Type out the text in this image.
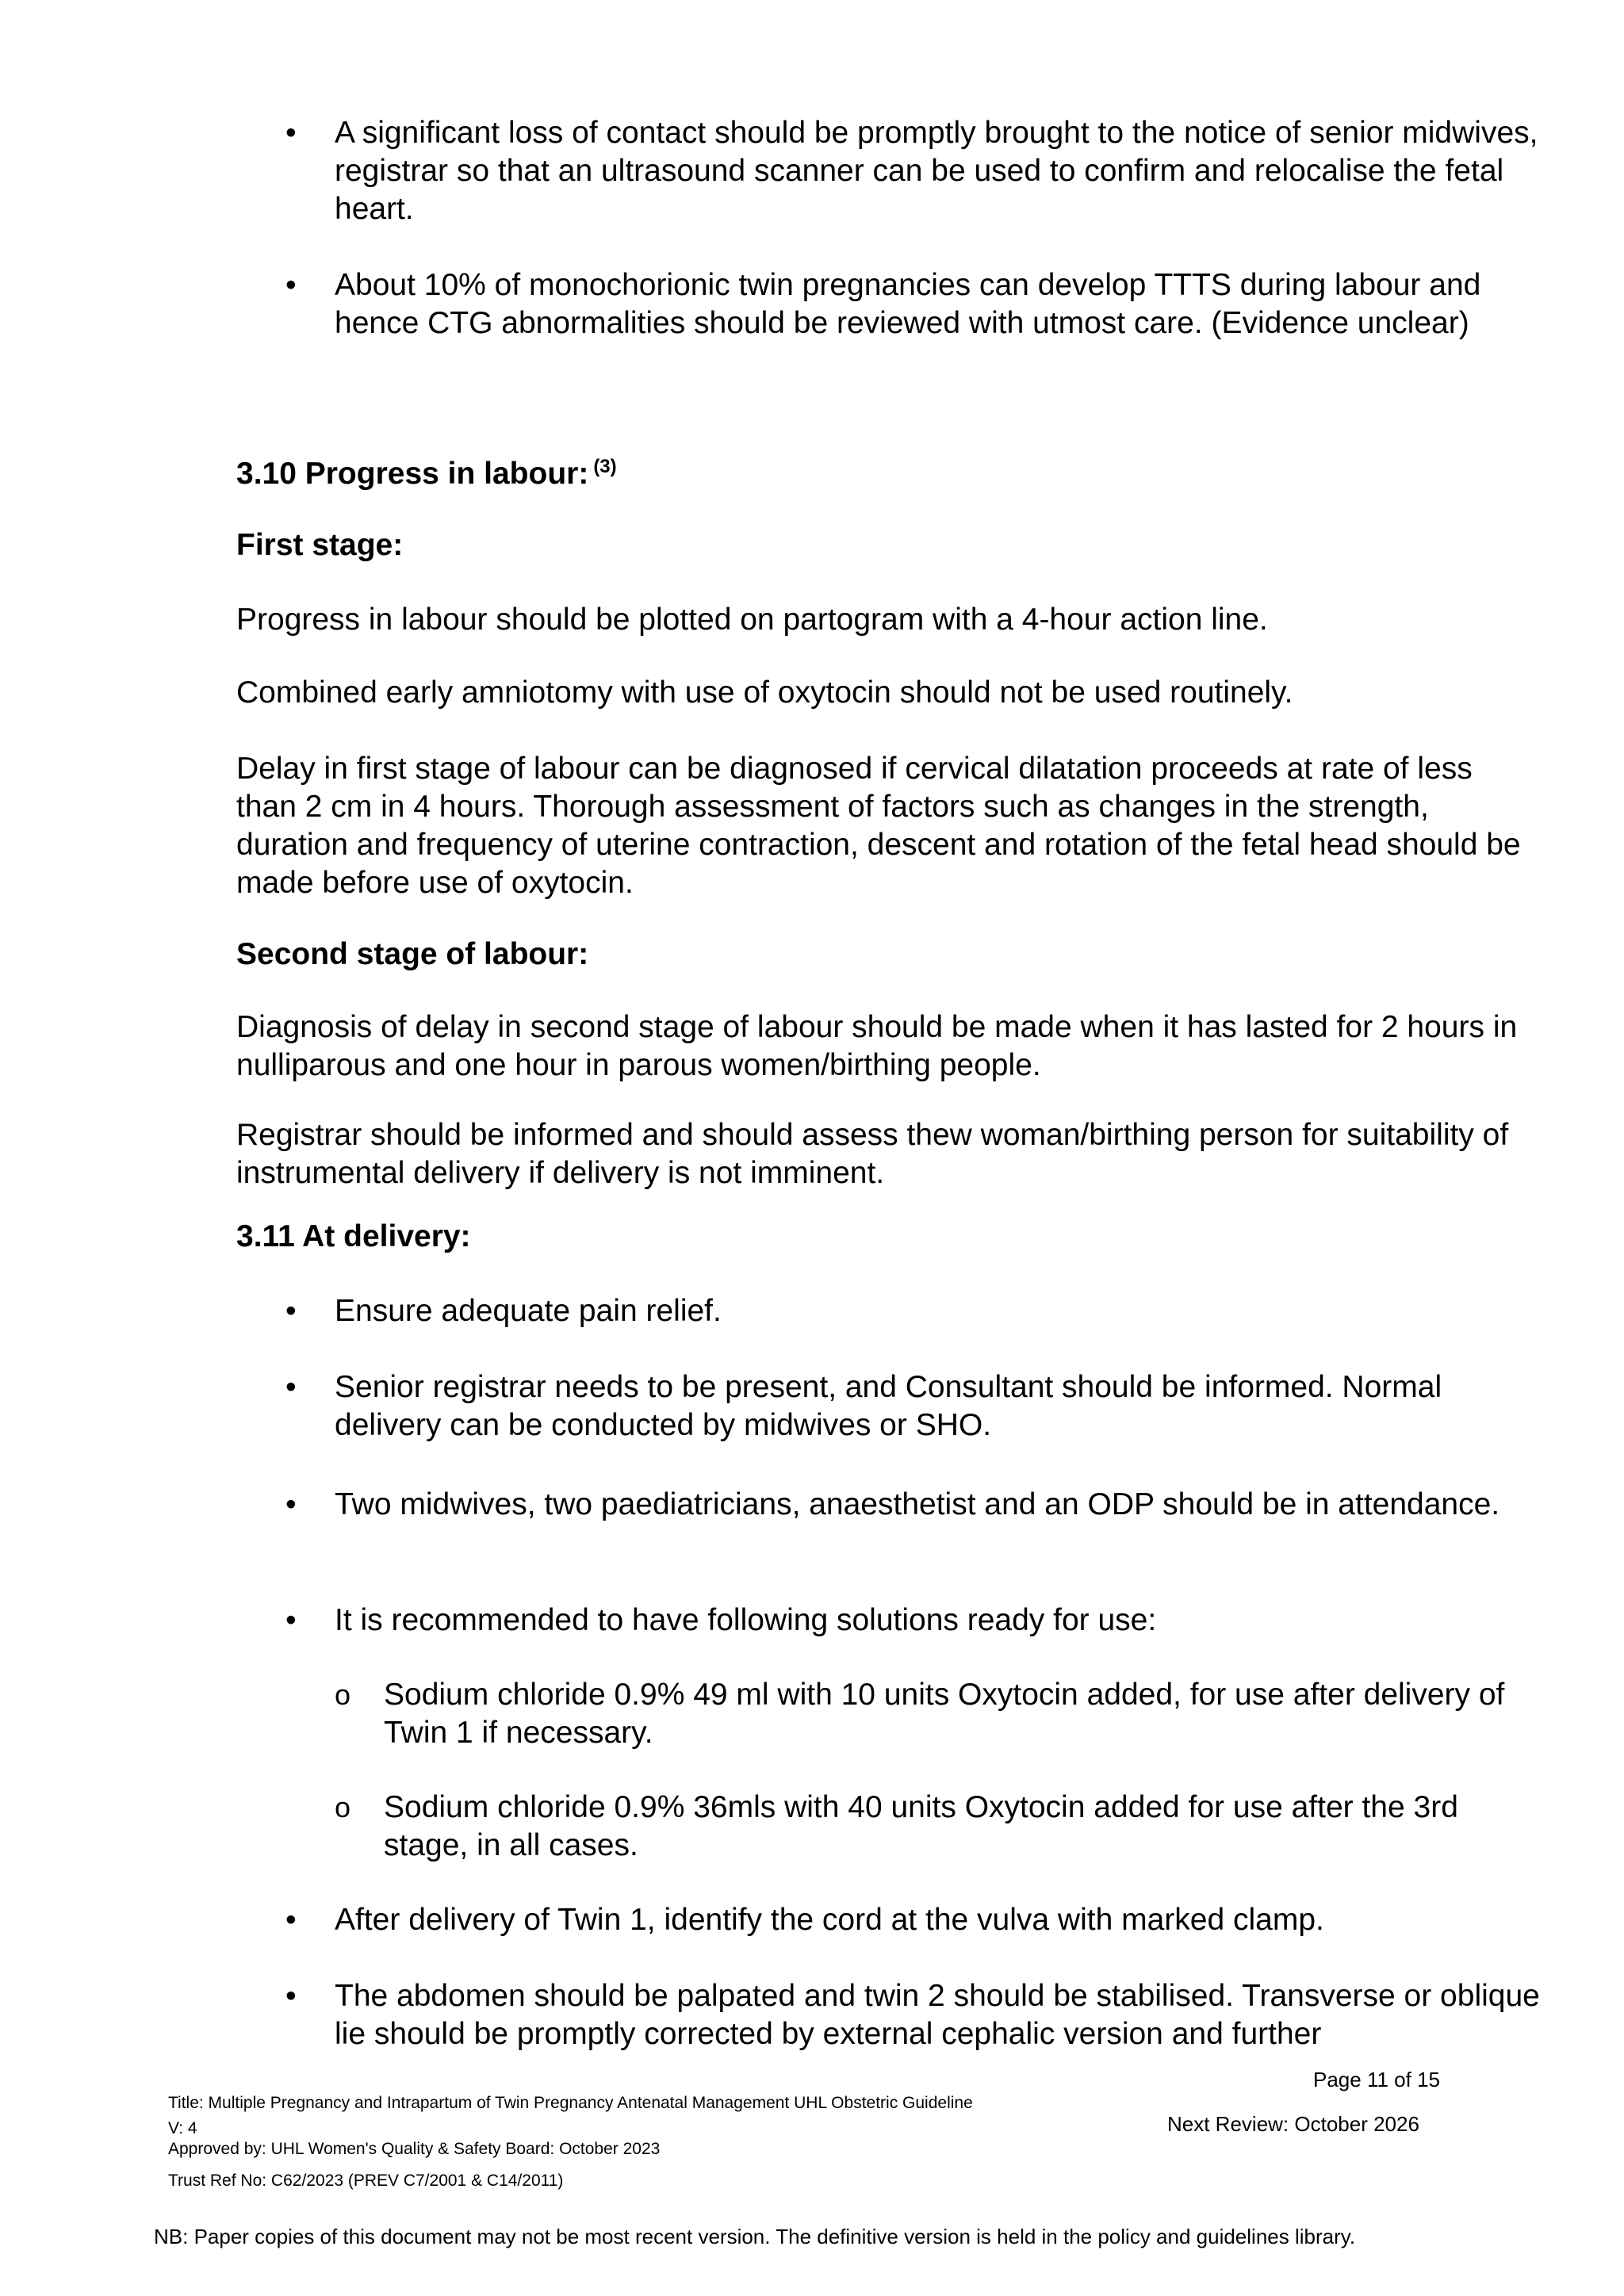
• A significant loss of contact should be promptly brought to the notice of senior midwives, registrar so that an ultrasound scanner can be used to confirm and relocalise the fetal heart.

• About 10% of monochorionic twin pregnancies can develop TTTS during labour and hence CTG abnormalities should be reviewed with utmost care. (Evidence unclear)

3.10 Progress in labour: $^{(3)}$

First stage:

Progress in labour should be plotted on partogram with a 4-hour action line.

Combined early amniotomy with use of oxytocin should not be used routinely.

Delay in first stage of labour can be diagnosed if cervical dilatation proceeds at rate of less than 2 cm in 4 hours. Thorough assessment of factors such as changes in the strength, duration and frequency of uterine contraction, descent and rotation of the fetal head should be made before use of oxytocin.

Second stage of labour:

Diagnosis of delay in second stage of labour should be made when it has lasted for 2 hours in nulliparous and one hour in parous women/birthing people.

Registrar should be informed and should assess thew woman/birthing person for suitability of instrumental delivery if delivery is not imminent.

3.11 At delivery:

• Ensure adequate pain relief.

• Senior registrar needs to be present, and Consultant should be informed. Normal delivery can be conducted by midwives or SHO.

• Two midwives, two paediatricians, anaesthetist and an ODP should be in attendance.

• It is recommended to have following solutions ready for use:

o Sodium chloride 0.9% 49 ml with 10 units Oxytocin added, for use after delivery of Twin 1 if necessary.

o Sodium chloride 0.9% 36mls with 40 units Oxytocin added for use after the 3rd stage, in all cases.

• After delivery of Twin 1, identify the cord at the vulva with marked clamp.

• The abdomen should be palpated and twin 2 should be stabilised. Transverse or oblique lie should be promptly corrected by external cephalic version and further

Title: Multiple Pregnancy and Intrapartum of Twin Pregnancy Antenatal Management UHL Obstetric Guideline

Page 11 of 15

V: 4	Next Review: October 2026

Approved by: UHL Women's Quality & Safety Board: October 2023

Trust Ref No: C62/2023 (PREV C7/2001 & C14/2011)

NB: Paper copies of this document may not be most recent version. The definitive version is held in the policy and guidelines library.
